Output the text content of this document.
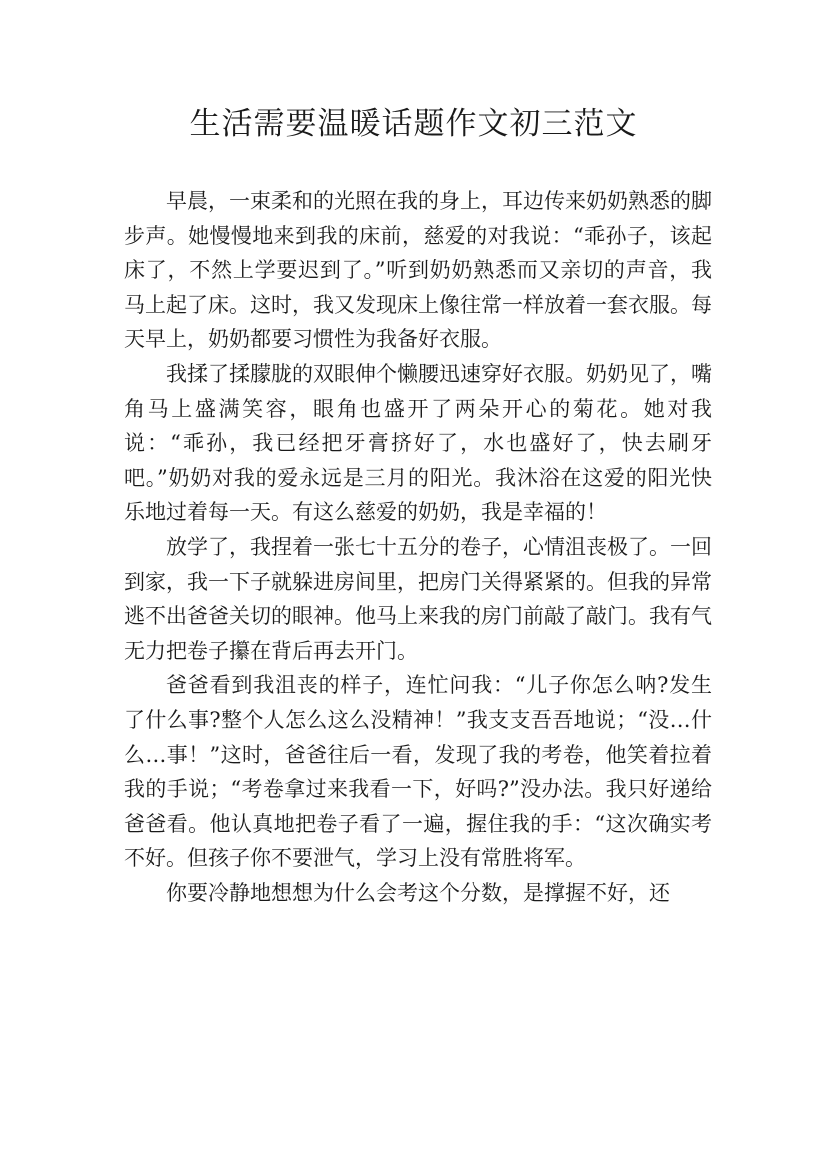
生活需要温暖话题作文初三范文

早晨，一束柔和的光照在我的身上，耳边传来奶奶熟悉的脚步声。她慢慢地来到我的床前，慈爱的对我说：“乖孙子，该起床了，不然上学要迟到了。”听到奶奶熟悉而又亲切的声音，我马上起了床。这时，我又发现床上像往常一样放着一套衣服。每天早上，奶奶都要习惯性为我备好衣服。

我揉了揉朦胧的双眼伸个懒腰迅速穿好衣服。奶奶见了，嘴角马上盛满笑容，眼角也盛开了两朵开心的菊花。她对我说：“乖孙，我已经把牙膏挤好了，水也盛好了，快去刷牙吧。”奶奶对我的爱永远是三月的阳光。我沐浴在这爱的阳光快乐地过着每一天。有这么慈爱的奶奶，我是幸福的！

放学了，我捏着一张七十五分的卷子，心情沮丧极了。一回到家，我一下子就躲进房间里，把房门关得紧紧的。但我的异常逃不出爸爸关切的眼神。他马上来我的房门前敲了敲门。我有气无力把卷子攥在背后再去开门。

爸爸看到我沮丧的样子，连忙问我：“儿子你怎么呐?发生了什么事?整个人怎么这么没精神！”我支支吾吾地说；“没…什么…事！”这时，爸爸往后一看，发现了我的考卷，他笑着拉着我的手说；“考卷拿过来我看一下，好吗?”没办法。我只好递给爸爸看。他认真地把卷子看了一遍，握住我的手：“这次确实考不好。但孩子你不要泄气，学习上没有常胜将军。

你要冷静地想想为什么会考这个分数，是撑握不好，还
